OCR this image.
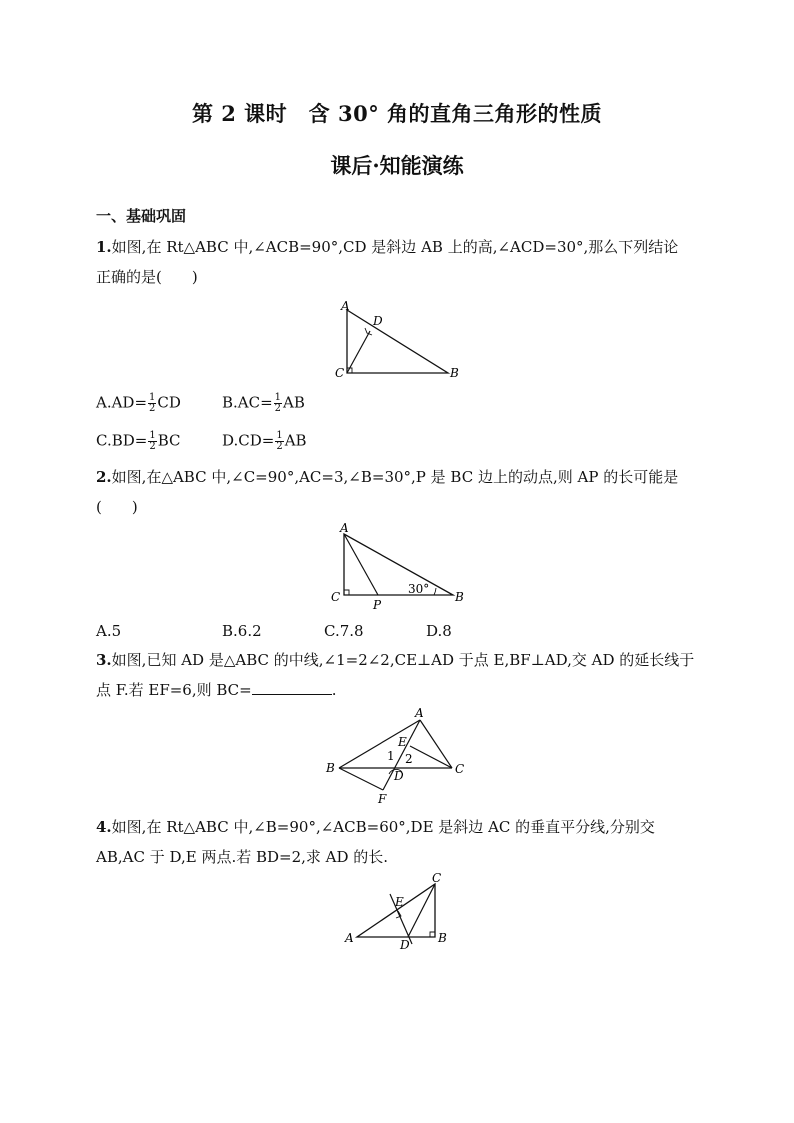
第 2 课时　含 30° 角的直角三角形的性质
课后·知能演练
一、基础巩固
1.如图,在 Rt△ABC 中,∠ACB=90°,CD 是斜边 AB 上的高,∠ACD=30°,那么下列结论
正确的是(　　)
A
D
C	B
$A.AD= \frac{1}{2}$ CD	$B.AC= \frac{1}{2}$ AB
$C.BD= \frac{1}{2}$ BC	$D.CD= \frac{1}{2}$ AB
2.如图,在△ABC 中,∠C=90°,AC=3,∠B=30°,P 是 BC 边上的动点,则 AP 的长可能是
(　　)
A
C
P
B
30°
A.5	B.6.2	C.7.8	D.8
3.如图,已知 AD 是△ABC 的中线,∠1=2∠2,CE⊥AD 于点 E,BF⊥AD,交 AD 的延长线于
点 F.若 EF=6,则 BC=	.
A
B	C
D
E
F
1 2
4.如图,在 Rt△ABC 中,∠B=90°,∠ACB=60°,DE 是斜边 AC 的垂直平分线,分别交
AB,AC 于 D,E 两点.若 BD=2,求 AD 的长.
A	B
C
D
E
